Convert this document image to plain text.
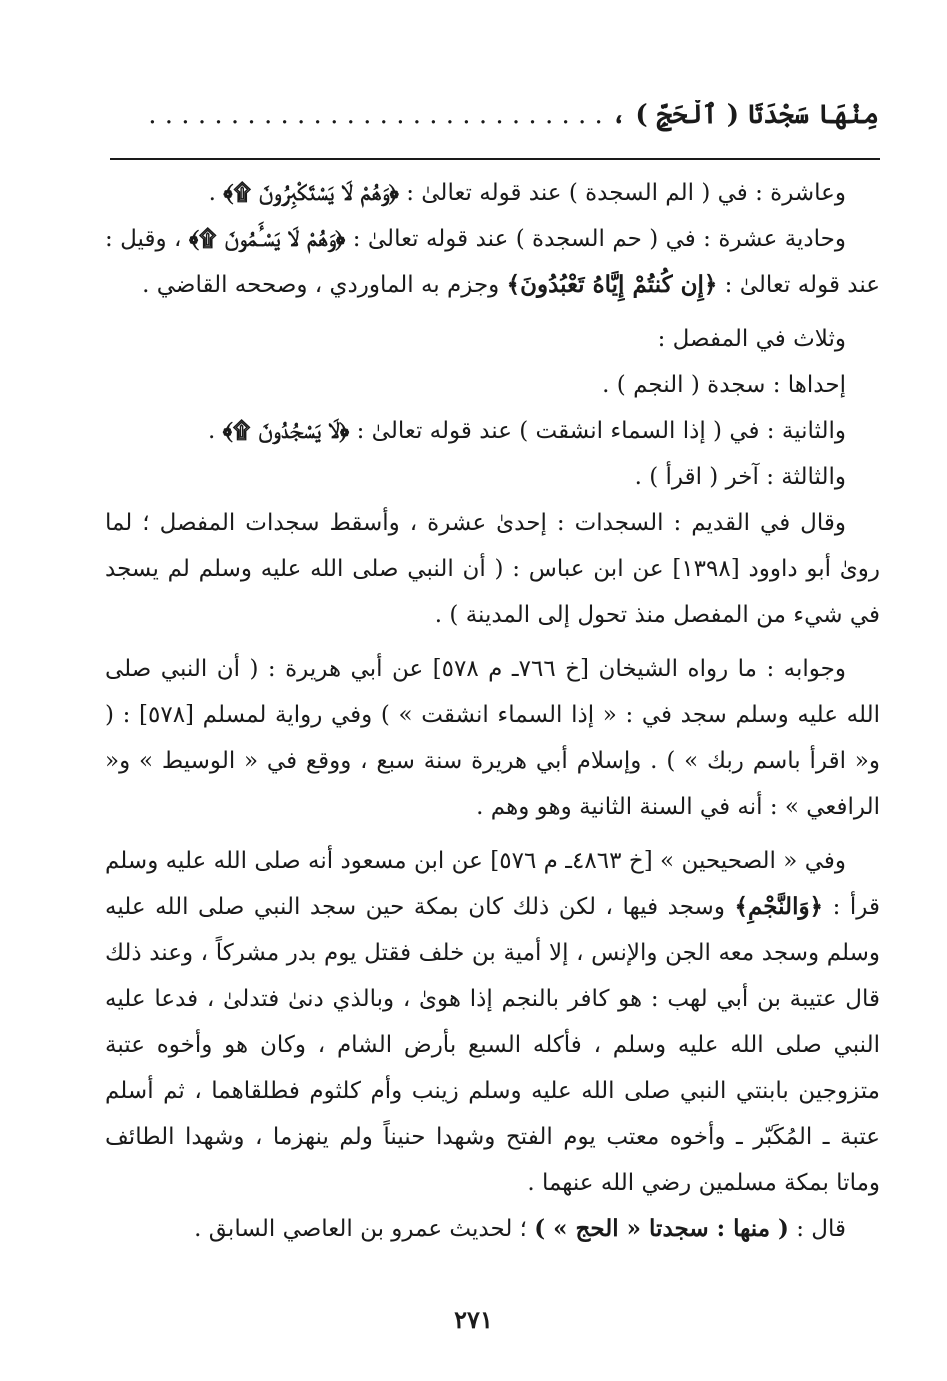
مِنْهَا سَجْدَتَا ( ٱلْحَجِّ ) ، . . . . . . . . . . . . . . . . . . . . . . . . . . . .

وعاشرة : في ( الم السجدة ) عند قوله تعالىٰ : ﴿وَهُمْ لَا يَسْتَكْبِرُونَ ۩﴾ .

وحادية عشرة : في ( حم السجدة ) عند قوله تعالىٰ : ﴿وَهُمْ لَا يَسْـَٔمُونَ ۩﴾ ، وقيل : عند قوله تعالىٰ : ﴿إِن كُنتُمْ إِيَّاهُ تَعْبُدُونَ﴾ وجزم به الماوردي ، وصححه القاضي .

وثلاث في المفصل :

إحداها : سجدة ( النجم ) .

والثانية : في ( إذا السماء انشقت ) عند قوله تعالىٰ : ﴿لَا يَسْجُدُونَ ۩﴾ .

والثالثة : آخر ( اقرأ ) .

وقال في القديم : السجدات : إحدىٰ عشرة ، وأسقط سجدات المفصل ؛ لما روىٰ أبو داوود [١٣٩٨] عن ابن عباس : ( أن النبي صلى الله عليه وسلم لم يسجد في شيء من المفصل منذ تحول إلى المدينة ) .

وجوابه : ما رواه الشيخان [خ ٧٦٦ـ م ٥٧٨] عن أبي هريرة : ( أن النبي صلى الله عليه وسلم سجد في : « إذا السماء انشقت » ) وفي رواية لمسلم [٥٧٨] : ( و« اقرأ باسم ربك » ) . وإسلام أبي هريرة سنة سبع ، ووقع في « الوسيط » و« الرافعي » : أنه في السنة الثانية وهو وهم .

وفي « الصحيحين » [خ ٤٨٦٣ـ م ٥٧٦] عن ابن مسعود أنه صلى الله عليه وسلم قرأ : ﴿وَالنَّجْمِ﴾ وسجد فيها ، لكن ذلك كان بمكة حين سجد النبي صلى الله عليه وسلم وسجد معه الجن والإنس ، إلا أمية بن خلف فقتل يوم بدر مشركاً ، وعند ذلك قال عتيبة بن أبي لهب : هو كافر بالنجم إذا هوىٰ ، وبالذي دنىٰ فتدلىٰ ، فدعا عليه النبي صلى الله عليه وسلم ، فأكله السبع بأرض الشام ، وكان هو وأخوه عتبة متزوجين بابنتي النبي صلى الله عليه وسلم زينب وأم كلثوم فطلقاهما ، ثم أسلم عتبة ـ المُكَبّر ـ وأخوه معتب يوم الفتح وشهدا حنيناً ولم ينهزما ، وشهدا الطائف وماتا بمكة مسلمين رضي الله عنهما .

قال : ( منها : سجدتا « الحج » ) ؛ لحديث عمرو بن العاصي السابق .

٢٧١
